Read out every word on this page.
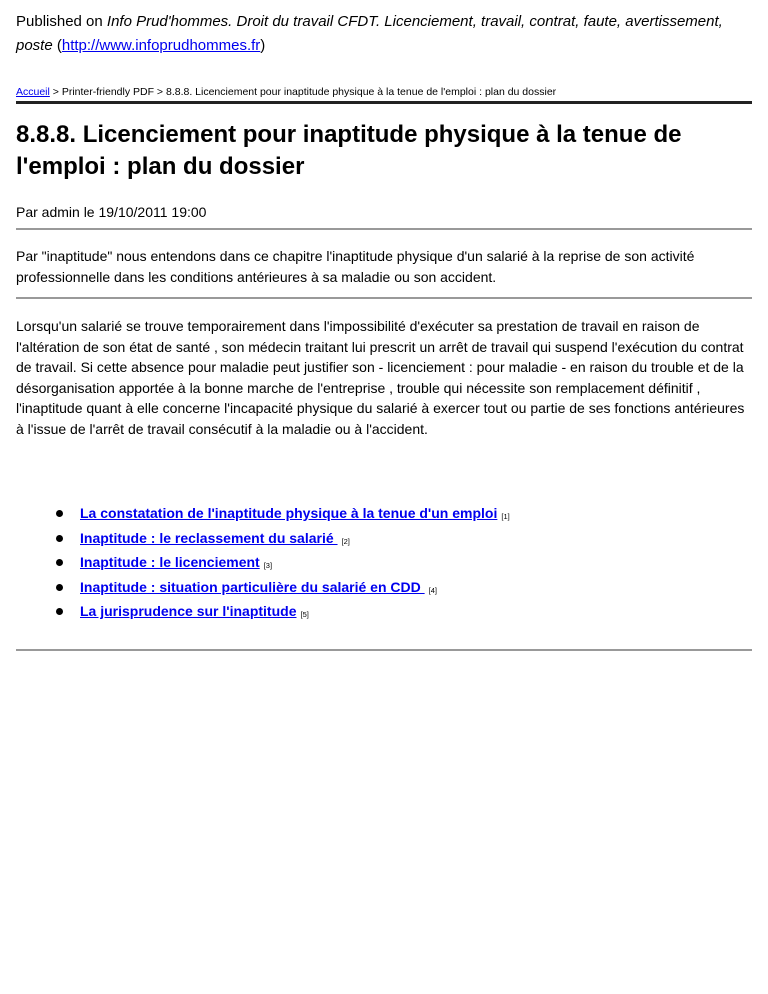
Published on Info Prud'hommes. Droit du travail CFDT. Licenciement, travail, contrat, faute, avertissement, poste (http://www.infoprudhommes.fr)
Accueil > Printer-friendly PDF > 8.8.8. Licenciement pour inaptitude physique à la tenue de l'emploi : plan du dossier
8.8.8. Licenciement pour inaptitude physique à la tenue de l'emploi : plan du dossier
Par admin le 19/10/2011 19:00

Par "inaptitude" nous entendons dans ce chapitre l'inaptitude physique d'un salarié à la reprise de son activité professionnelle dans les conditions antérieures à sa maladie ou son accident.

Lorsqu'un salarié se trouve temporairement dans l'impossibilité d'exécuter sa prestation de travail en raison de l'altération de son état de santé , son médecin traitant lui prescrit un arrêt de travail qui suspend l'exécution du contrat de travail. Si cette absence pour maladie peut justifier son - licenciement : pour maladie - en raison du trouble et de la désorganisation apportée à la bonne marche de l'entreprise , trouble qui nécessite son remplacement définitif , l'inaptitude quant à elle concerne l'incapacité physique du salarié à exercer tout ou partie de ses fonctions antérieures à l'issue de l'arrêt de travail consécutif à la maladie ou à l'accident.

La constatation de l'inaptitude physique à la tenue d'un emploi [1]
Inaptitude : le reclassement du salarié [2]
Inaptitude : le licenciement [3]
Inaptitude : situation particulière du salarié en CDD [4]
La jurisprudence sur l'inaptitude [5]
